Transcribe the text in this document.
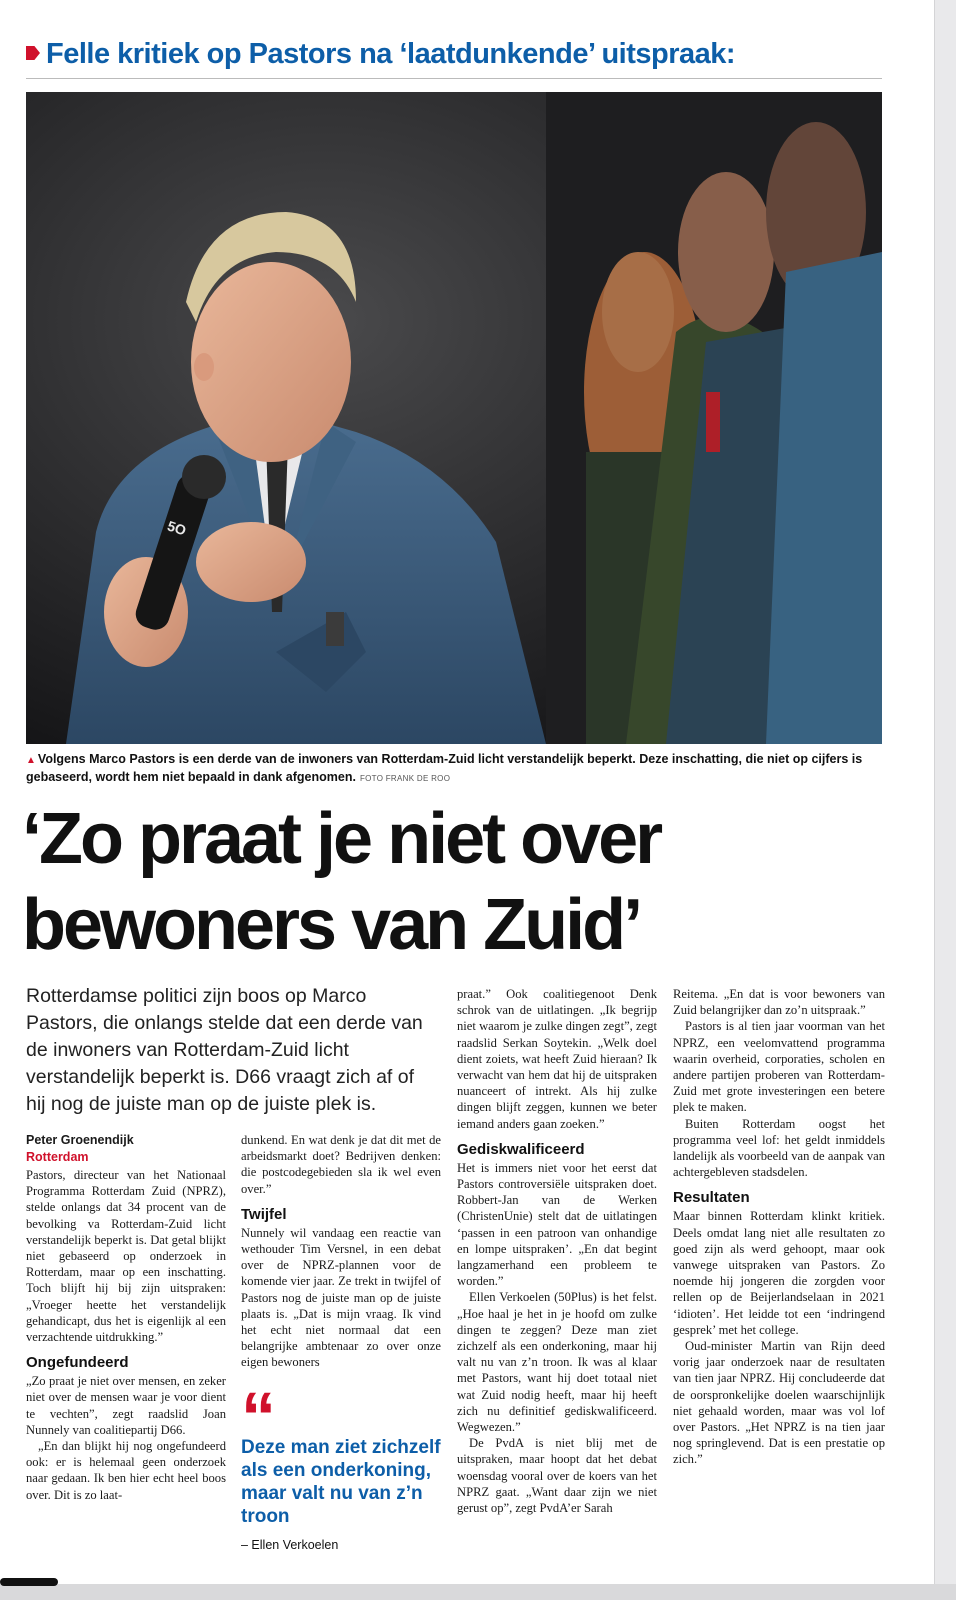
Felle kritiek op Pastors na ‘laatdunkende’ uitspraak:
5O
▲ Volgens Marco Pastors is een derde van de inwoners van Rotterdam-Zuid licht verstandelijk beperkt. Deze inschatting, die niet op cijfers is gebaseerd, wordt hem niet bepaald in dank afgenomen. FOTO FRANK DE ROO
‘Zo praat je niet over
bewoners van Zuid’
Rotterdamse politici zijn boos op Marco Pastors, die onlangs stelde dat een derde van de inwoners van Rotterdam-Zuid licht verstandelijk beperkt is. D66 vraagt zich af of hij nog de juiste man op de juiste plek is.
Peter Groenendijk
Rotterdam

Pastors, directeur van het Nationaal Programma Rotterdam Zuid (NPRZ), stelde onlangs dat 34 procent van de bevolking va Rotterdam-Zuid licht verstandelijk beperkt is. Dat getal blijkt niet gebaseerd op onderzoek in Rotterdam, maar op een inschatting. Toch blijft hij bij zijn uitspraken: „Vroeger heette het verstandelijk gehandicapt, dus het is eigenlijk al een verzachtende uitdrukking.”

Ongefundeerd

„Zo praat je niet over mensen, en zeker niet over de mensen waar je voor dient te vechten”, zegt raadslid Joan Nunnely van coalitiepartij D66.

„En dan blijkt hij nog ongefundeerd ook: er is helemaal geen onderzoek naar gedaan. Ik ben hier echt heel boos over. Dit is zo laat-

dunkend. En wat denk je dat dit met de arbeidsmarkt doet? Bedrijven denken: die postcodegebieden sla ik wel even over.”

Twijfel

Nunnely wil vandaag een reactie van wethouder Tim Versnel, in een debat over de NPRZ-plannen voor de komende vier jaar. Ze trekt in twijfel of Pastors nog de juiste man op de juiste plaats is. „Dat is mijn vraag. Ik vind het echt niet normaal dat een belangrijke ambtenaar zo over onze eigen bewoners

“
Deze man ziet zichzelf als een onderkoning, maar valt nu van z’n troon
– Ellen Verkoelen

praat.” Ook coalitiegenoot Denk schrok van de uitlatingen. „Ik begrijp niet waarom je zulke dingen zegt”, zegt raadslid Serkan Soytekin. „Welk doel dient zoiets, wat heeft Zuid hieraan? Ik verwacht van hem dat hij de uitspraken nuanceert of intrekt. Als hij zulke dingen blijft zeggen, kunnen we beter iemand anders gaan zoeken.”

Gediskwalificeerd

Het is immers niet voor het eerst dat Pastors controversiële uitspraken doet. Robbert-Jan van de Werken (ChristenUnie) stelt dat de uitlatingen ‘passen in een patroon van onhandige en lompe uitspraken’. „En dat begint langzamerhand een probleem te worden.”

Ellen Verkoelen (50Plus) is het felst. „Hoe haal je het in je hoofd om zulke dingen te zeggen? Deze man ziet zichzelf als een onderkoning, maar hij valt nu van z’n troon. Ik was al klaar met Pastors, want hij doet totaal niet wat Zuid nodig heeft, maar hij heeft zich nu definitief gediskwalificeerd. Wegwezen.”

De PvdA is niet blij met de uitspraken, maar hoopt dat het debat woensdag vooral over de koers van het NPRZ gaat. „Want daar zijn we niet gerust op”, zegt PvdA’er Sarah

Reitema. „En dat is voor bewoners van Zuid belangrijker dan zo’n uitspraak.”

Pastors is al tien jaar voorman van het NPRZ, een veelomvattend programma waarin overheid, corporaties, scholen en andere partijen proberen van Rotterdam-Zuid met grote investeringen een betere plek te maken.

Buiten Rotterdam oogst het programma veel lof: het geldt inmiddels landelijk als voorbeeld van de aanpak van achtergebleven stadsdelen.

Resultaten

Maar binnen Rotterdam klinkt kritiek. Deels omdat lang niet alle resultaten zo goed zijn als werd gehoopt, maar ook vanwege uitspraken van Pastors. Zo noemde hij jongeren die zorgden voor rellen op de Beijerlandselaan in 2021 ‘idioten’. Het leidde tot een ‘indringend gesprek’ met het college.

Oud-minister Martin van Rijn deed vorig jaar onderzoek naar de resultaten van tien jaar NPRZ. Hij concludeerde dat de oorspronkelijke doelen waarschijnlijk niet gehaald worden, maar was vol lof over Pastors. „Het NPRZ is na tien jaar nog springlevend. Dat is een prestatie op zich.”
